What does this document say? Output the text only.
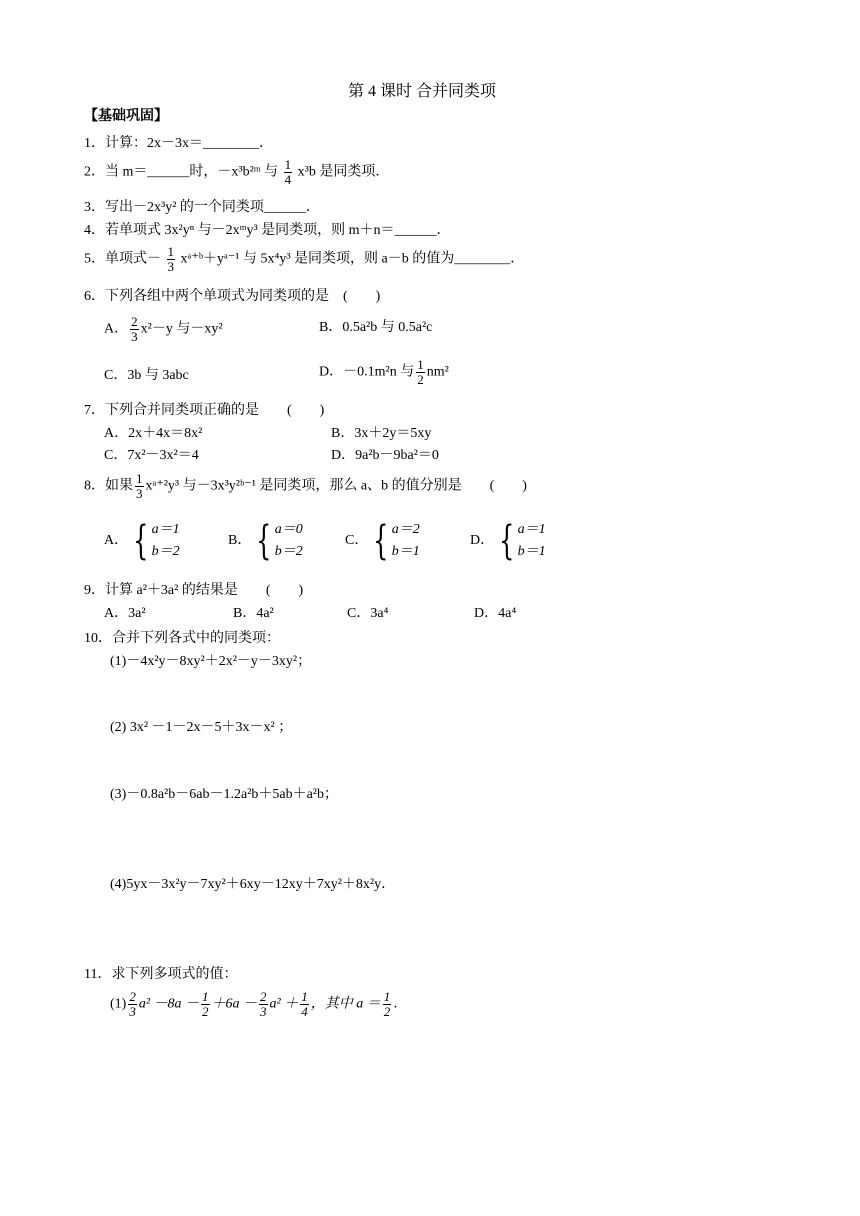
第 4 课时 合并同类项
【基础巩固】
1．计算：2x－3x＝________．
2．当 m＝______时，－x³b²ᵐ 与 $\frac{1}{4} x^3b$ 是同类项．
3．写出－2x³y² 的一个同类项______．
4．若单项式 3x²yⁿ 与－2xᵐy³ 是同类项，则 m＋n＝______．
5．单项式－ $\frac{1}{3}$ xᵃ⁺ᵇ＋yᵃ⁻¹ 与 5x⁴y³ 是同类项，则 a－b 的值为________．
6．下列各组中两个单项式为同类项的是　(　　)
A． $\frac{2}{3} x^2-y$ 与－xy²	B．0.5a²b 与 0.5a²c
C．3b 与 3abc	D．－0.1m²n 与 $\frac{1}{2} nm^2$
7．下列合并同类项正确的是　　(　　)
A．2x＋4x＝8x²	B．3x＋2y＝5xy
C．7x²－3x²＝4	D．9a²b－9ba²＝0
8．如果 $\frac{1}{3}$ xᵃ⁺²y³ 与－3x³y²ᵇ⁻¹ 是同类项，那么 a、b 的值分别是　　(　　)
A． { a＝1
b＝2
B． { a＝0
b＝2
C． { a＝2
b＝1
D． { a＝1
b＝1
9．计算 a²＋3a² 的结果是　　(　　)
A．3a²	B．4a²	C．3a⁴	D．4a⁴
10．合并下列各式中的同类项：
(1)－4x²y－8xy²＋2x²－y－3xy²；
(2) 3x² －1－2x－5＋3x－x² ；
(3)－0.8a²b－6ab－1.2a²b＋5ab＋a²b；
(4)5yx－3x²y－7xy²＋6xy－12xy＋7xy²＋8x²y．
11．求下列多项式的值：
$(1) \frac{2}{3} a^2 -8a - \frac{1}{2} +6a - \frac{2}{3} a^2 + \frac{1}{4}$ ，其中 $a = \frac{1}{2}$ ．
